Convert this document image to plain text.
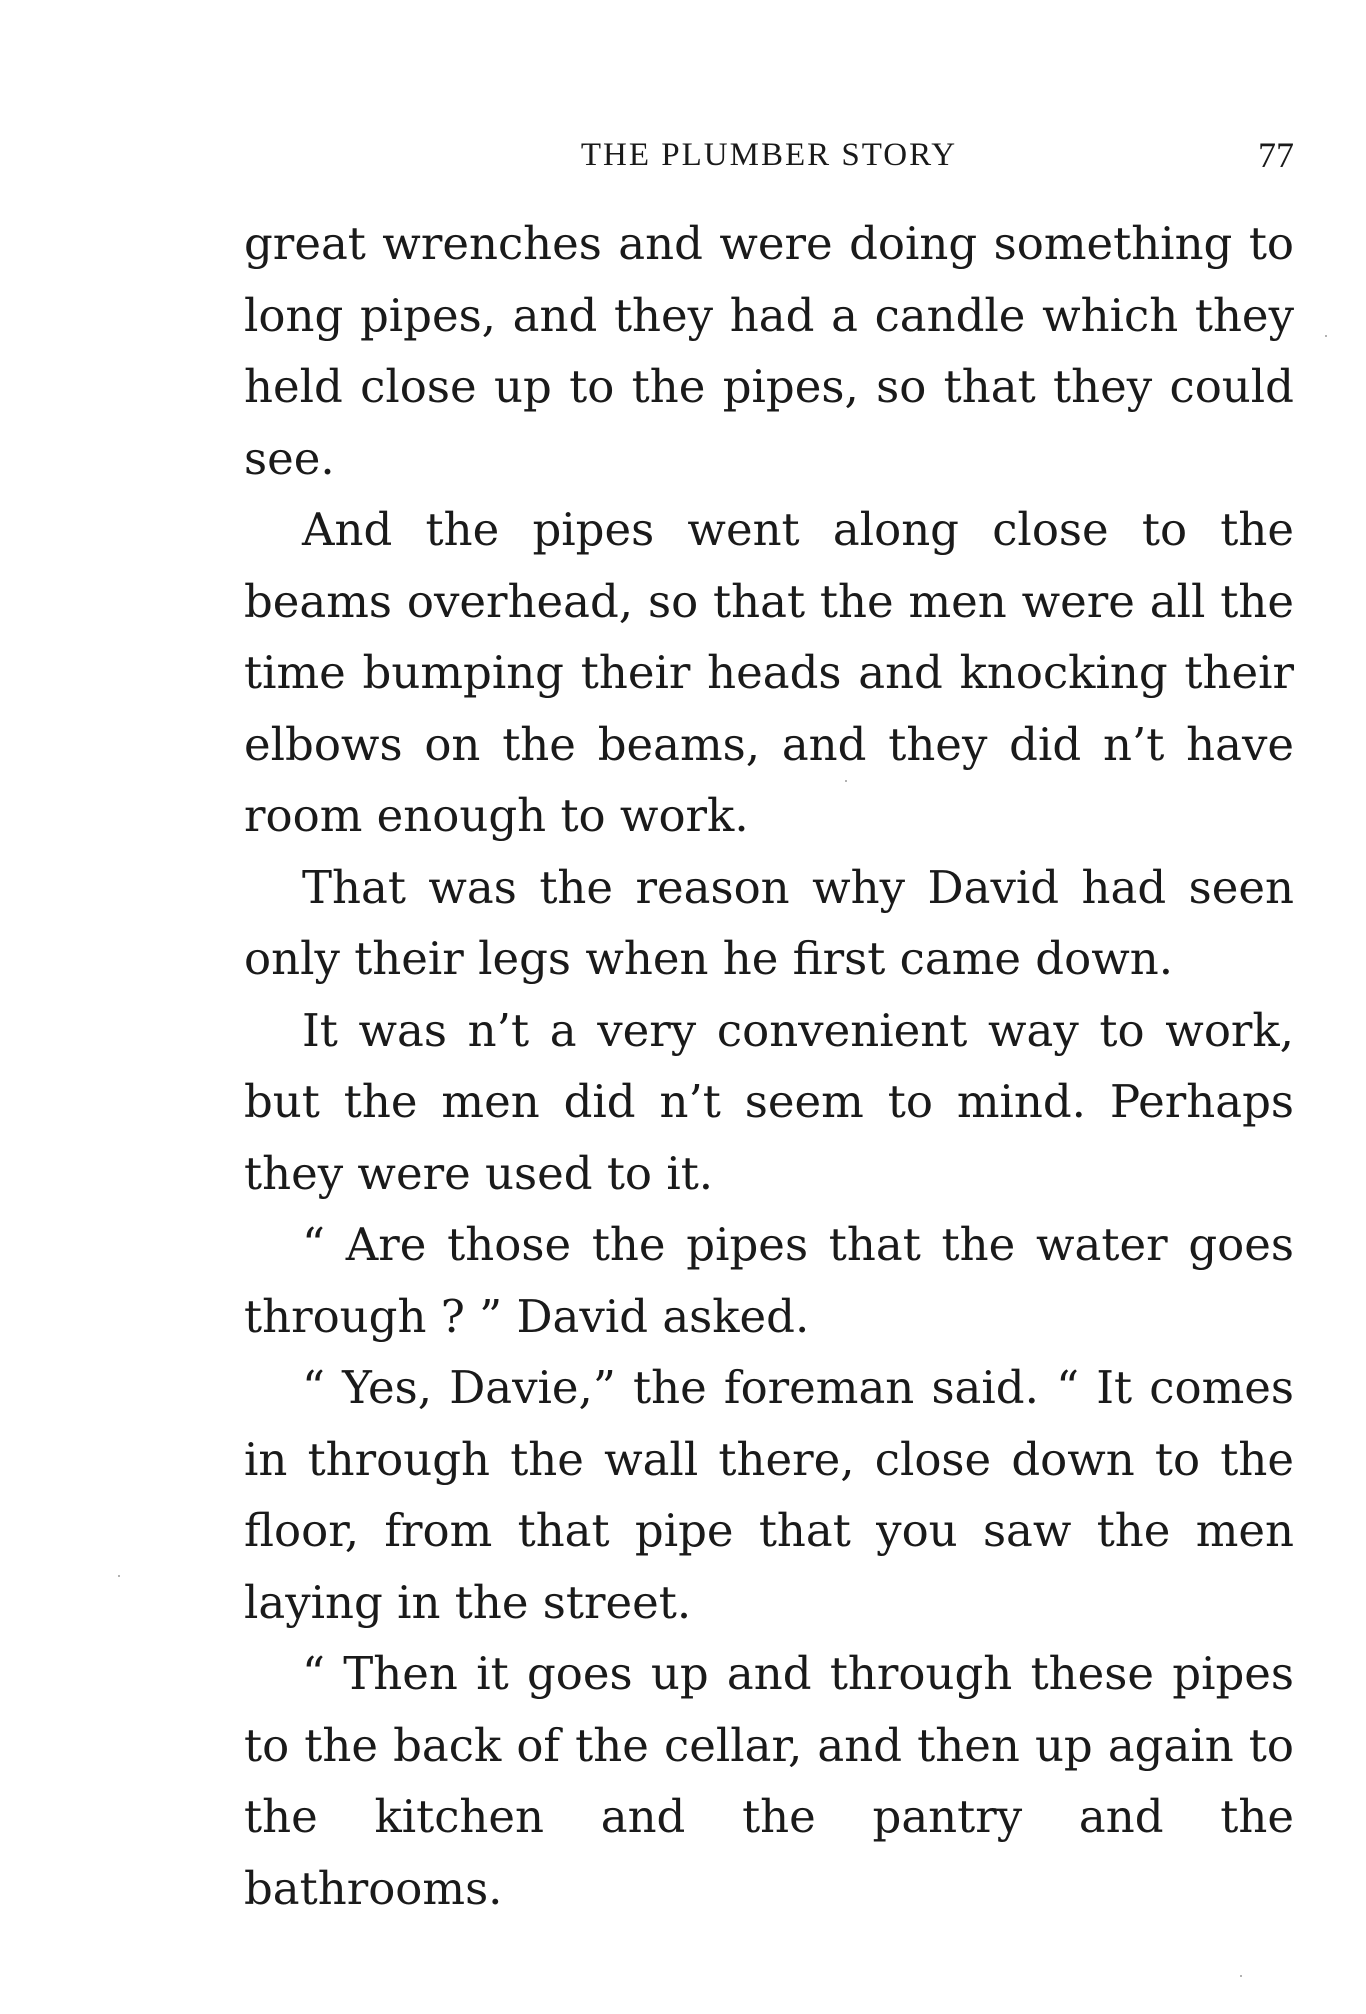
THE PLUMBER STORY	77

great wrenches and were doing something to long pipes, and they had a candle which they held close up to the pipes, so that they could see.

And the pipes went along close to the beams overhead, so that the men were all the time bumping their heads and knocking their elbows on the beams, and they did n’t have room enough to work.

That was the reason why David had seen only their legs when he first came down.

It was n’t a very convenient way to work, but the men did n’t seem to mind. Perhaps they were used to it.

“ Are those the pipes that the water goes through ? ” David asked.

“ Yes, Davie,” the foreman said. “ It comes in through the wall there, close down to the floor, from that pipe that you saw the men laying in the street.

“ Then it goes up and through these pipes to the back of the cellar, and then up again to the kitchen and the pantry and the bathrooms.
